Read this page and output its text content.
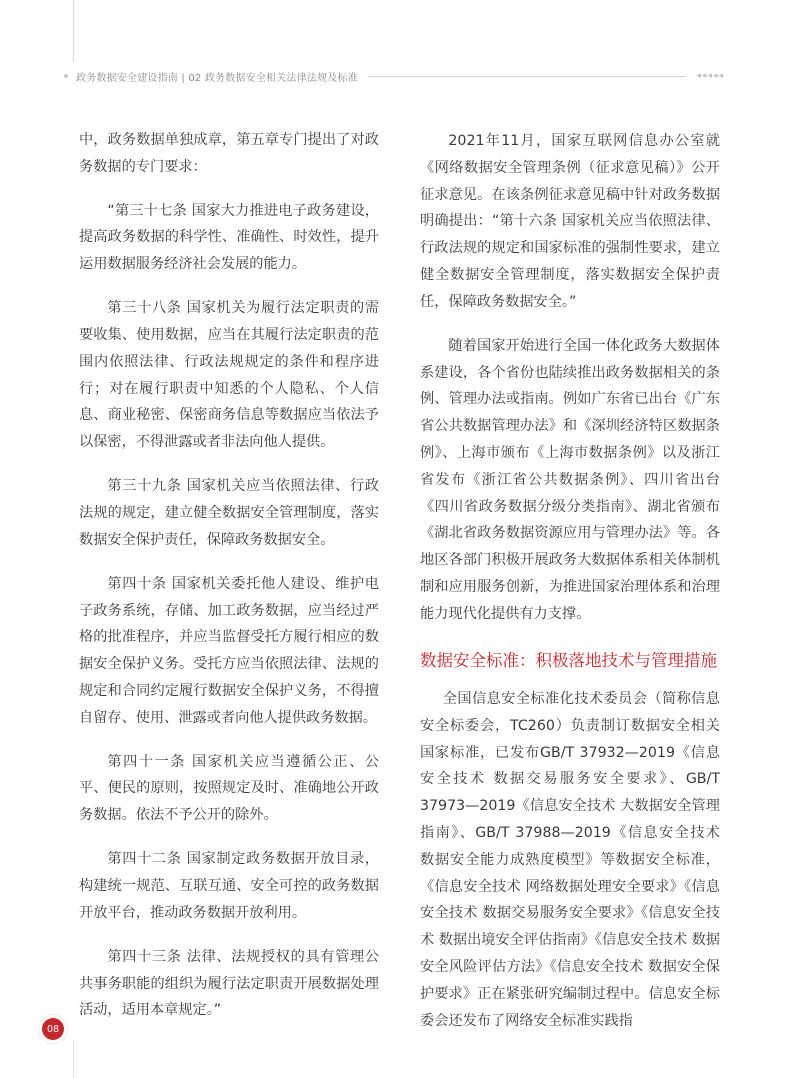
政务数据安全建设指南 | 02 政务数据安全相关法律法规及标准	◂◂◂◂◂

中，政务数据单独成章，第五章专门提出了对政务数据的专门要求：

“第三十七条 国家大力推进电子政务建设，提高政务数据的科学性、准确性、时效性，提升运用数据服务经济社会发展的能力。

第三十八条 国家机关为履行法定职责的需要收集、使用数据，应当在其履行法定职责的范围内依照法律、行政法规规定的条件和程序进行；对在履行职责中知悉的个人隐私、个人信息、商业秘密、保密商务信息等数据应当依法予以保密，不得泄露或者非法向他人提供。

第三十九条 国家机关应当依照法律、行政法规的规定，建立健全数据安全管理制度，落实数据安全保护责任，保障政务数据安全。

第四十条 国家机关委托他人建设、维护电子政务系统，存储、加工政务数据，应当经过严格的批准程序，并应当监督受托方履行相应的数据安全保护义务。受托方应当依照法律、法规的规定和合同约定履行数据安全保护义务，不得擅自留存、使用、泄露或者向他人提供政务数据。

第四十一条 国家机关应当遵循公正、公平、便民的原则，按照规定及时、准确地公开政务数据。依法不予公开的除外。

第四十二条 国家制定政务数据开放目录，构建统一规范、互联互通、安全可控的政务数据开放平台，推动政务数据开放利用。

第四十三条 法律、法规授权的具有管理公共事务职能的组织为履行法定职责开展数据处理活动，适用本章规定。”

2021年11月，国家互联网信息办公室就《网络数据安全管理条例（征求意见稿）》公开征求意见。在该条例征求意见稿中针对政务数据明确提出：“第十六条 国家机关应当依照法律、行政法规的规定和国家标准的强制性要求，建立健全数据安全管理制度，落实数据安全保护责任，保障政务数据安全。”

随着国家开始进行全国一体化政务大数据体系建设，各个省份也陆续推出政务数据相关的条例、管理办法或指南。例如广东省已出台《广东省公共数据管理办法》和《深圳经济特区数据条例》、上海市颁布《上海市数据条例》以及浙江省发布《浙江省公共数据条例》、四川省出台《四川省政务数据分级分类指南》、湖北省颁布《湖北省政务数据资源应用与管理办法》等。各地区各部门积极开展政务大数据体系相关体制机制和应用服务创新，为推进国家治理体系和治理能力现代化提供有力支撑。

数据安全标准：积极落地技术与管理措施

全国信息安全标准化技术委员会（简称信息安全标委会，TC260）负责制订数据安全相关国家标准，已发布GB/T 37932—2019《信息安全技术 数据交易服务安全要求》、GB/T 37973—2019《信息安全技术 大数据安全管理指南》、GB/T 37988—2019《信息安全技术 数据安全能力成熟度模型》等数据安全标准，《信息安全技术 网络数据处理安全要求》《信息安全技术 数据交易服务安全要求》《信息安全技术 数据出境安全评估指南》《信息安全技术 数据安全风险评估方法》《信息安全技术 数据安全保护要求》正在紧张研究编制过程中。信息安全标委会还发布了网络安全标准实践指

08
